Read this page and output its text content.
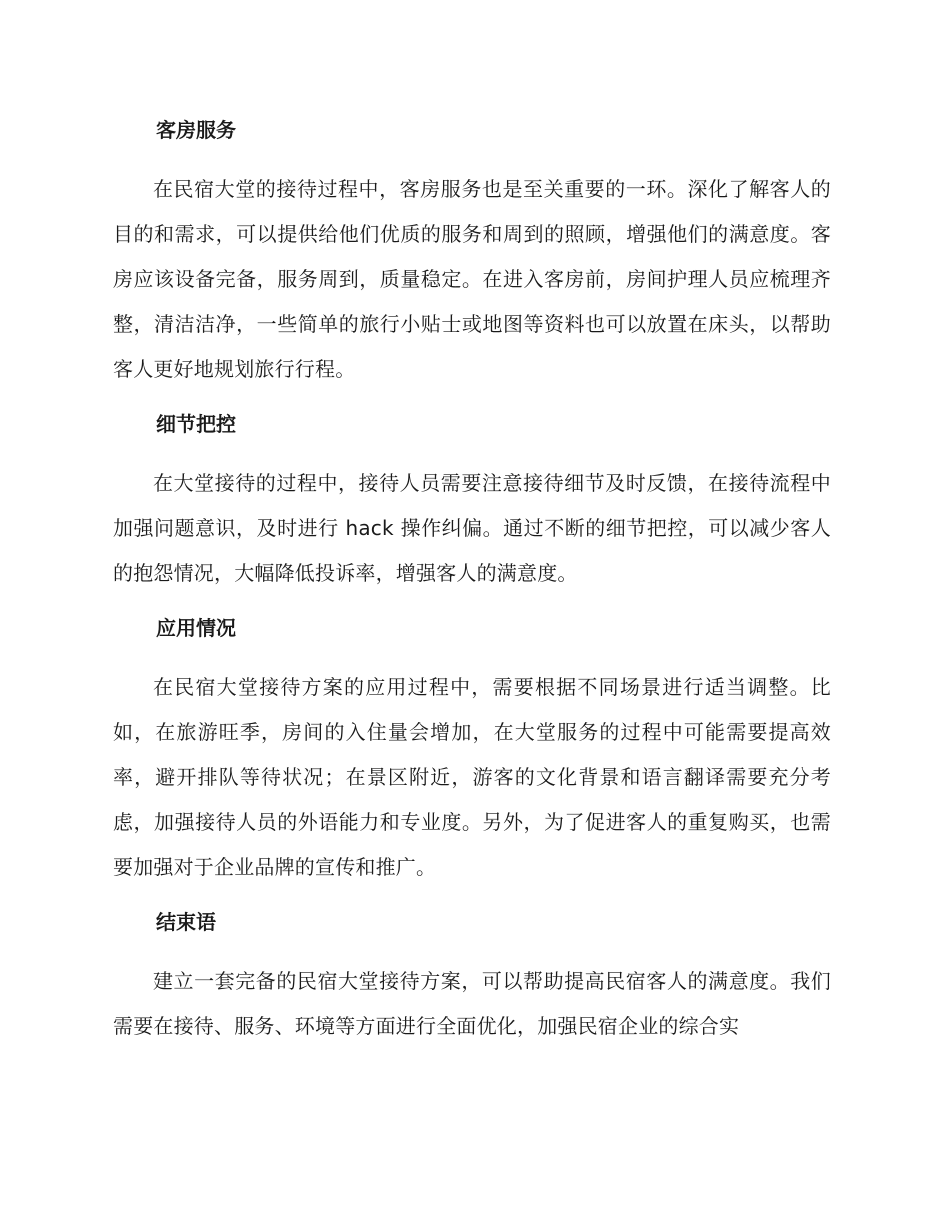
客房服务

在民宿大堂的接待过程中，客房服务也是至关重要的一环。深化了解客人的目的和需求，可以提供给他们优质的服务和周到的照顾，增强他们的满意度。客房应该设备完备，服务周到，质量稳定。在进入客房前，房间护理人员应梳理齐整，清洁洁净，一些简单的旅行小贴士或地图等资料也可以放置在床头，以帮助客人更好地规划旅行行程。

细节把控

在大堂接待的过程中，接待人员需要注意接待细节及时反馈，在接待流程中加强问题意识，及时进行 hack 操作纠偏。通过不断的细节把控，可以减少客人的抱怨情况，大幅降低投诉率，增强客人的满意度。

应用情况

在民宿大堂接待方案的应用过程中，需要根据不同场景进行适当调整。比如，在旅游旺季，房间的入住量会增加，在大堂服务的过程中可能需要提高效率，避开排队等待状况；在景区附近，游客的文化背景和语言翻译需要充分考虑，加强接待人员的外语能力和专业度。另外，为了促进客人的重复购买，也需要加强对于企业品牌的宣传和推广。

结束语

建立一套完备的民宿大堂接待方案，可以帮助提高民宿客人的满意度。我们需要在接待、服务、环境等方面进行全面优化，加强民宿企业的综合实
